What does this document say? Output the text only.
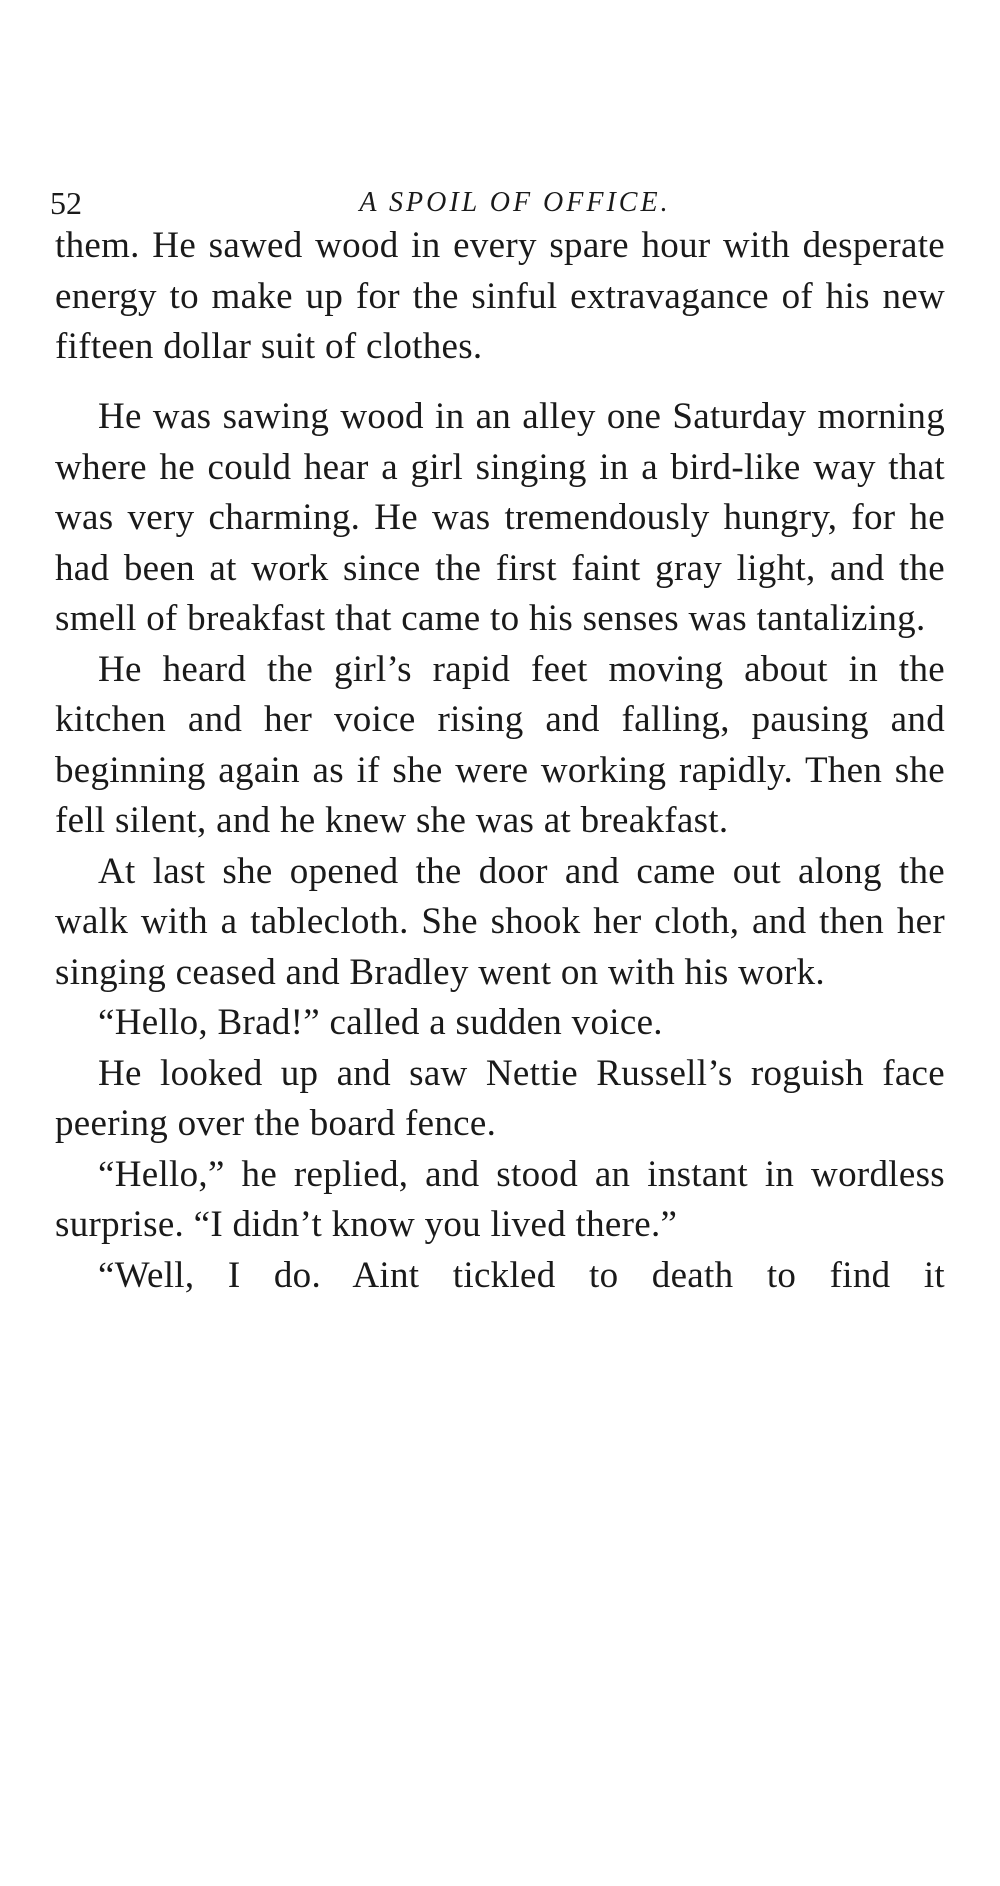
52	A SPOIL OF OFFICE.

them. He sawed wood in every spare hour with desperate energy to make up for the sinful extravagance of his new fifteen dollar suit of clothes.

He was sawing wood in an alley one Saturday morning where he could hear a girl singing in a bird-like way that was very charming. He was tremendously hungry, for he had been at work since the first faint gray light, and the smell of breakfast that came to his senses was tantalizing.

He heard the girl’s rapid feet moving about in the kitchen and her voice rising and falling, pausing and beginning again as if she were working rapidly. Then she fell silent, and he knew she was at breakfast.

At last she opened the door and came out along the walk with a tablecloth. She shook her cloth, and then her singing ceased and Bradley went on with his work.

“Hello, Brad!” called a sudden voice.

He looked up and saw Nettie Russell’s roguish face peering over the board fence.

“Hello,” he replied, and stood an instant in wordless surprise. “I didn’t know you lived there.”

“Well, I do. Aint tickled to death to find it
